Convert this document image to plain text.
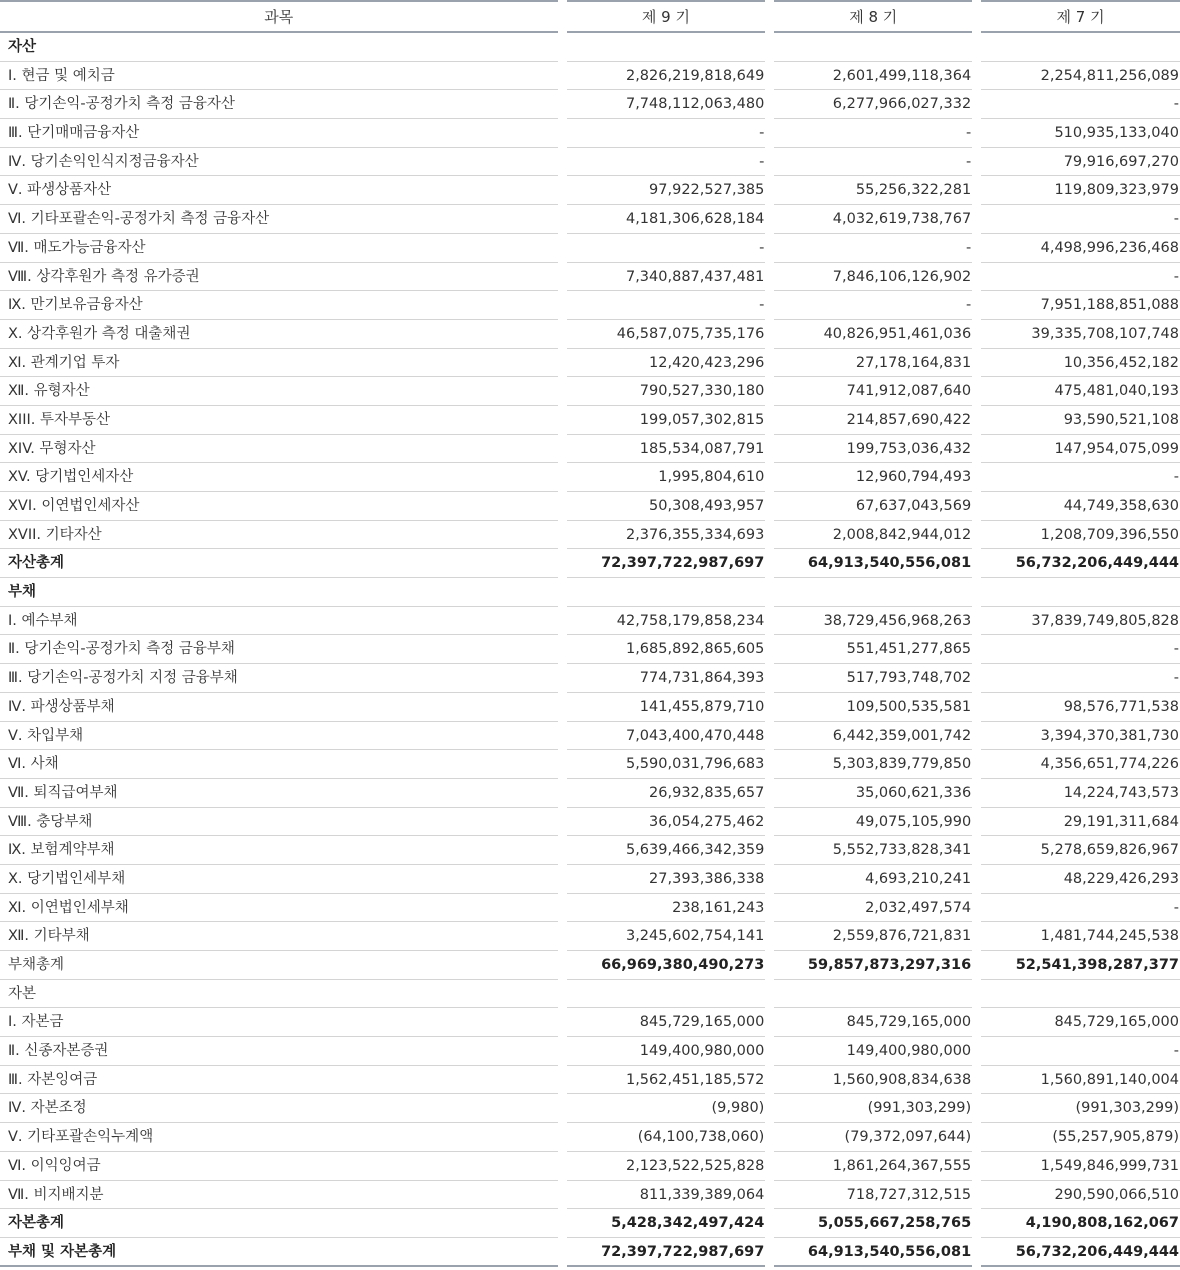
과목	제 9 기	제 8 기	제 7 기
자산
Ⅰ. 현금 및 예치금	2,826,219,818,649	2,601,499,118,364	2,254,811,256,089
Ⅱ. 당기손익-공정가치 측정 금융자산	7,748,112,063,480	6,277,966,027,332	-
Ⅲ. 단기매매금융자산	-	-	510,935,133,040
Ⅳ. 당기손익인식지정금융자산	-	-	79,916,697,270
Ⅴ. 파생상품자산	97,922,527,385	55,256,322,281	119,809,323,979
Ⅵ. 기타포괄손익-공정가치 측정 금융자산	4,181,306,628,184	4,032,619,738,767	-
Ⅶ. 매도가능금융자산	-	-	4,498,996,236,468
Ⅷ. 상각후원가 측정 유가증권	7,340,887,437,481	7,846,106,126,902	-
Ⅸ. 만기보유금융자산	-	-	7,951,188,851,088
Ⅹ. 상각후원가 측정 대출채권	46,587,075,735,176	40,826,951,461,036	39,335,708,107,748
Ⅺ. 관계기업 투자	12,420,423,296	27,178,164,831	10,356,452,182
Ⅻ. 유형자산	790,527,330,180	741,912,087,640	475,481,040,193
XIII. 투자부동산	199,057,302,815	214,857,690,422	93,590,521,108
XIV. 무형자산	185,534,087,791	199,753,036,432	147,954,075,099
XV. 당기법인세자산	1,995,804,610	12,960,794,493	-
XVI. 이연법인세자산	50,308,493,957	67,637,043,569	44,749,358,630
XVII. 기타자산	2,376,355,334,693	2,008,842,944,012	1,208,709,396,550
자산총계	72,397,722,987,697	64,913,540,556,081	56,732,206,449,444
부채
Ⅰ. 예수부채	42,758,179,858,234	38,729,456,968,263	37,839,749,805,828
Ⅱ. 당기손익-공정가치 측정 금융부채	1,685,892,865,605	551,451,277,865	-
Ⅲ. 당기손익-공정가치 지정 금융부채	774,731,864,393	517,793,748,702	-
Ⅳ. 파생상품부채	141,455,879,710	109,500,535,581	98,576,771,538
Ⅴ. 차입부채	7,043,400,470,448	6,442,359,001,742	3,394,370,381,730
Ⅵ. 사채	5,590,031,796,683	5,303,839,779,850	4,356,651,774,226
Ⅶ. 퇴직급여부채	26,932,835,657	35,060,621,336	14,224,743,573
Ⅷ. 충당부채	36,054,275,462	49,075,105,990	29,191,311,684
Ⅸ. 보험계약부채	5,639,466,342,359	5,552,733,828,341	5,278,659,826,967
Ⅹ. 당기법인세부채	27,393,386,338	4,693,210,241	48,229,426,293
Ⅺ. 이연법인세부채	238,161,243	2,032,497,574	-
Ⅻ. 기타부채	3,245,602,754,141	2,559,876,721,831	1,481,744,245,538
부채총계	66,969,380,490,273	59,857,873,297,316	52,541,398,287,377
자본
Ⅰ. 자본금	845,729,165,000	845,729,165,000	845,729,165,000
Ⅱ. 신종자본증권	149,400,980,000	149,400,980,000	-
Ⅲ. 자본잉여금	1,562,451,185,572	1,560,908,834,638	1,560,891,140,004
Ⅳ. 자본조정	(9,980)	(991,303,299)	(991,303,299)
Ⅴ. 기타포괄손익누계액	(64,100,738,060)	(79,372,097,644)	(55,257,905,879)
Ⅵ. 이익잉여금	2,123,522,525,828	1,861,264,367,555	1,549,846,999,731
Ⅶ. 비지배지분	811,339,389,064	718,727,312,515	290,590,066,510
자본총계	5,428,342,497,424	5,055,667,258,765	4,190,808,162,067
부채 및 자본총계	72,397,722,987,697	64,913,540,556,081	56,732,206,449,444
